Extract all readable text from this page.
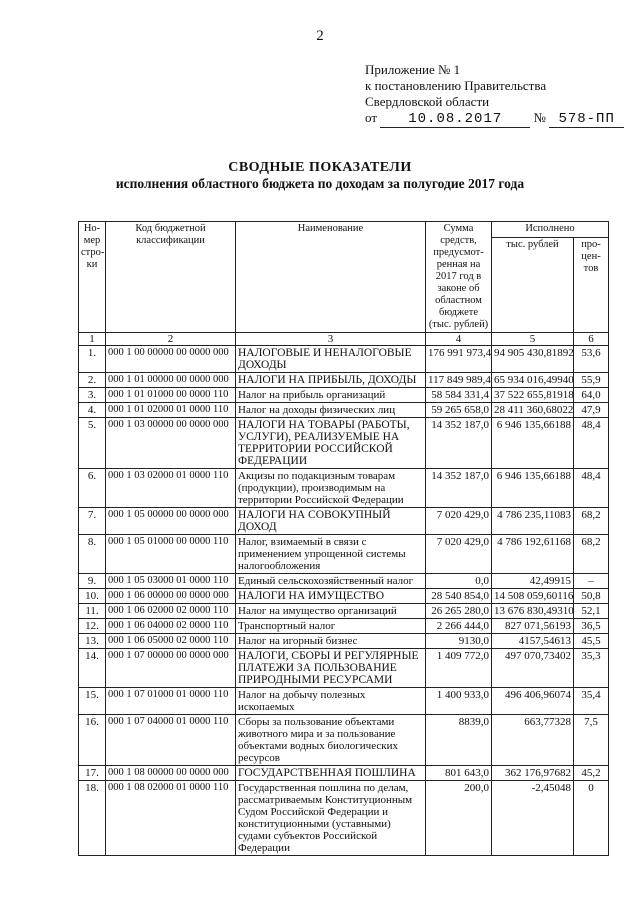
2
Приложение № 1
к постановлению Правительства
Свердловской области
от 10.08.2017 № 578-ПП
СВОДНЫЕ ПОКАЗАТЕЛИ
исполнения областного бюджета по доходам за полугодие 2017 года
Но-мер стро-ки	Код бюджетной классификации	Наименование	Сумма средств, предусмот-ренная на 2017 год в законе об областном бюджете (тыс. рублей)	Исполнено	
				тыс. рублей	про-цен-тов
1	2	3	4	5	6
1.	000 1 00 00000 00 0000 000	НАЛОГОВЫЕ И НЕНАЛОГОВЫЕ ДОХОДЫ	176 991 973,4	94 905 430,81892	53,6
2.	000 1 01 00000 00 0000 000	НАЛОГИ НА ПРИБЫЛЬ, ДОХОДЫ	117 849 989,4	65 934 016,49940	55,9
3.	000 1 01 01000 00 0000 110	Налог на прибыль организаций	58 584 331,4	37 522 655,81918	64,0
4.	000 1 01 02000 01 0000 110	Налог на доходы физических лиц	59 265 658,0	28 411 360,68022	47,9
5.	000 1 03 00000 00 0000 000	НАЛОГИ НА ТОВАРЫ (РАБОТЫ, УСЛУГИ), РЕАЛИЗУЕМЫЕ НА ТЕРРИТОРИИ РОССИЙСКОЙ ФЕДЕРАЦИИ	14 352 187,0	6 946 135,66188	48,4
6.	000 1 03 02000 01 0000 110	Акцизы по подакцизным товарам (продукции), производимым на территории Российской Федерации	14 352 187,0	6 946 135,66188	48,4
7.	000 1 05 00000 00 0000 000	НАЛОГИ НА СОВОКУПНЫЙ ДОХОД	7 020 429,0	4 786 235,11083	68,2
8.	000 1 05 01000 00 0000 110	Налог, взимаемый в связи с применением упрощенной системы налогообложения	7 020 429,0	4 786 192,61168	68,2
9.	000 1 05 03000 01 0000 110	Единый сельскохозяйственный налог	0,0	42,49915	–
10.	000 1 06 00000 00 0000 000	НАЛОГИ НА ИМУЩЕСТВО	28 540 854,0	14 508 059,60116	50,8
11.	000 1 06 02000 02 0000 110	Налог на имущество организаций	26 265 280,0	13 676 830,49310	52,1
12.	000 1 06 04000 02 0000 110	Транспортный налог	2 266 444,0	827 071,56193	36,5
13.	000 1 06 05000 02 0000 110	Налог на игорный бизнес	9130,0	4157,54613	45,5
14.	000 1 07 00000 00 0000 000	НАЛОГИ, СБОРЫ И РЕГУЛЯРНЫЕ ПЛАТЕЖИ ЗА ПОЛЬЗОВАНИЕ ПРИРОДНЫМИ РЕСУРСАМИ	1 409 772,0	497 070,73402	35,3
15.	000 1 07 01000 01 0000 110	Налог на добычу полезных ископаемых	1 400 933,0	496 406,96074	35,4
16.	000 1 07 04000 01 0000 110	Сборы за пользование объектами животного мира и за пользование объектами водных биологических ресурсов	8839,0	663,77328	7,5
17.	000 1 08 00000 00 0000 000	ГОСУДАРСТВЕННАЯ ПОШЛИНА	801 643,0	362 176,97682	45,2
18.	000 1 08 02000 01 0000 110	Государственная пошлина по делам, рассматриваемым Конституционным Судом Российской Федерации и конституционными (уставными) судами субъектов Российской Федерации	200,0	-2,45048	0
